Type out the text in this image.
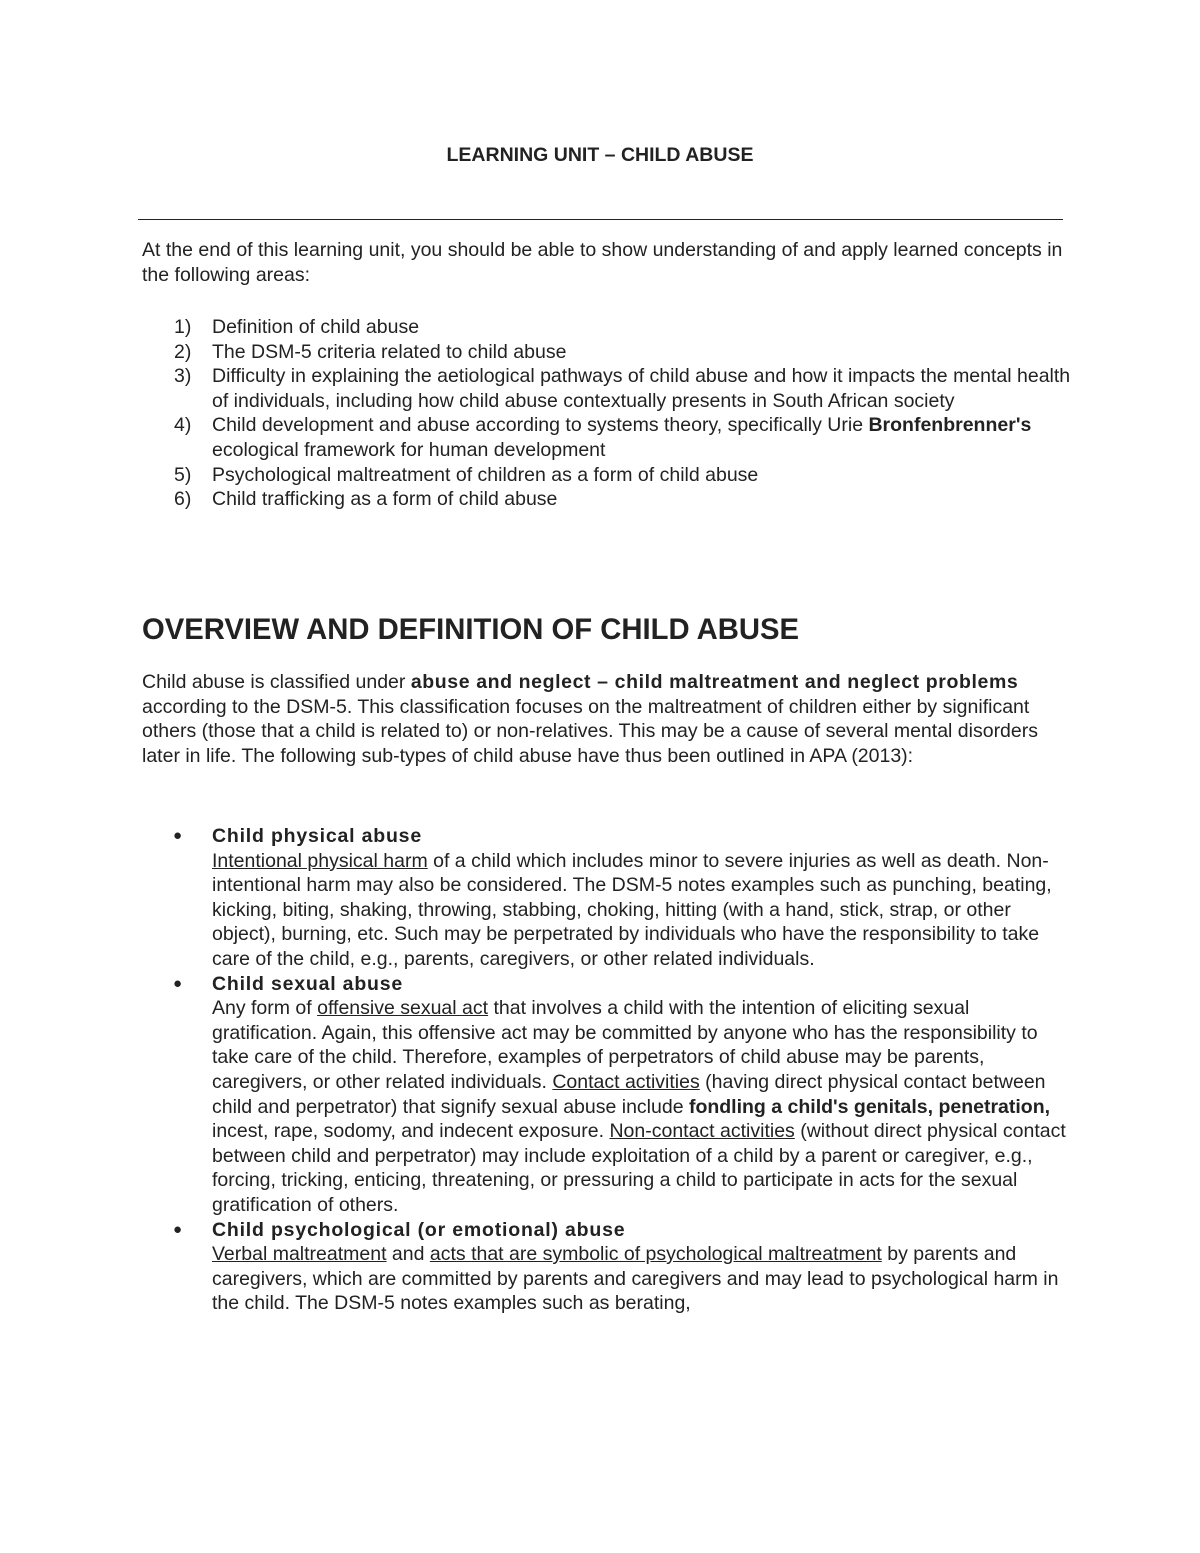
LEARNING UNIT – CHILD ABUSE

At the end of this learning unit, you should be able to show understanding of and apply learned concepts in the following areas:

1) Definition of child abuse
2) The DSM-5 criteria related to child abuse
3) Difficulty in explaining the aetiological pathways of child abuse and how it impacts the mental health of individuals, including how child abuse contextually presents in South African society
4) Child development and abuse according to systems theory, specifically Urie Bronfenbrenner's ecological framework for human development
5) Psychological maltreatment of children as a form of child abuse
6) Child trafficking as a form of child abuse
OVERVIEW AND DEFINITION OF CHILD ABUSE

Child abuse is classified under abuse and neglect – child maltreatment and neglect problems according to the DSM-5. This classification focuses on the maltreatment of children either by significant others (those that a child is related to) or non-relatives. This may be a cause of several mental disorders later in life. The following sub-types of child abuse have thus been outlined in APA (2013):

● Child physical abuse
Intentional physical harm of a child which includes minor to severe injuries as well as death. Non-intentional harm may also be considered. The DSM-5 notes examples such as punching, beating, kicking, biting, shaking, throwing, stabbing, choking, hitting (with a hand, stick, strap, or other object), burning, etc. Such may be perpetrated by individuals who have the responsibility to take care of the child, e.g., parents, caregivers, or other related individuals.
● Child sexual abuse
Any form of offensive sexual act that involves a child with the intention of eliciting sexual gratification. Again, this offensive act may be committed by anyone who has the responsibility to take care of the child. Therefore, examples of perpetrators of child abuse may be parents, caregivers, or other related individuals. Contact activities (having direct physical contact between child and perpetrator) that signify sexual abuse include fondling a child's genitals, penetration, incest, rape, sodomy, and indecent exposure. Non-contact activities (without direct physical contact between child and perpetrator) may include exploitation of a child by a parent or caregiver, e.g., forcing, tricking, enticing, threatening, or pressuring a child to participate in acts for the sexual gratification of others.
● Child psychological (or emotional) abuse
Verbal maltreatment and acts that are symbolic of psychological maltreatment by parents and caregivers, which are committed by parents and caregivers and may lead to psychological harm in the child. The DSM-5 notes examples such as berating,
